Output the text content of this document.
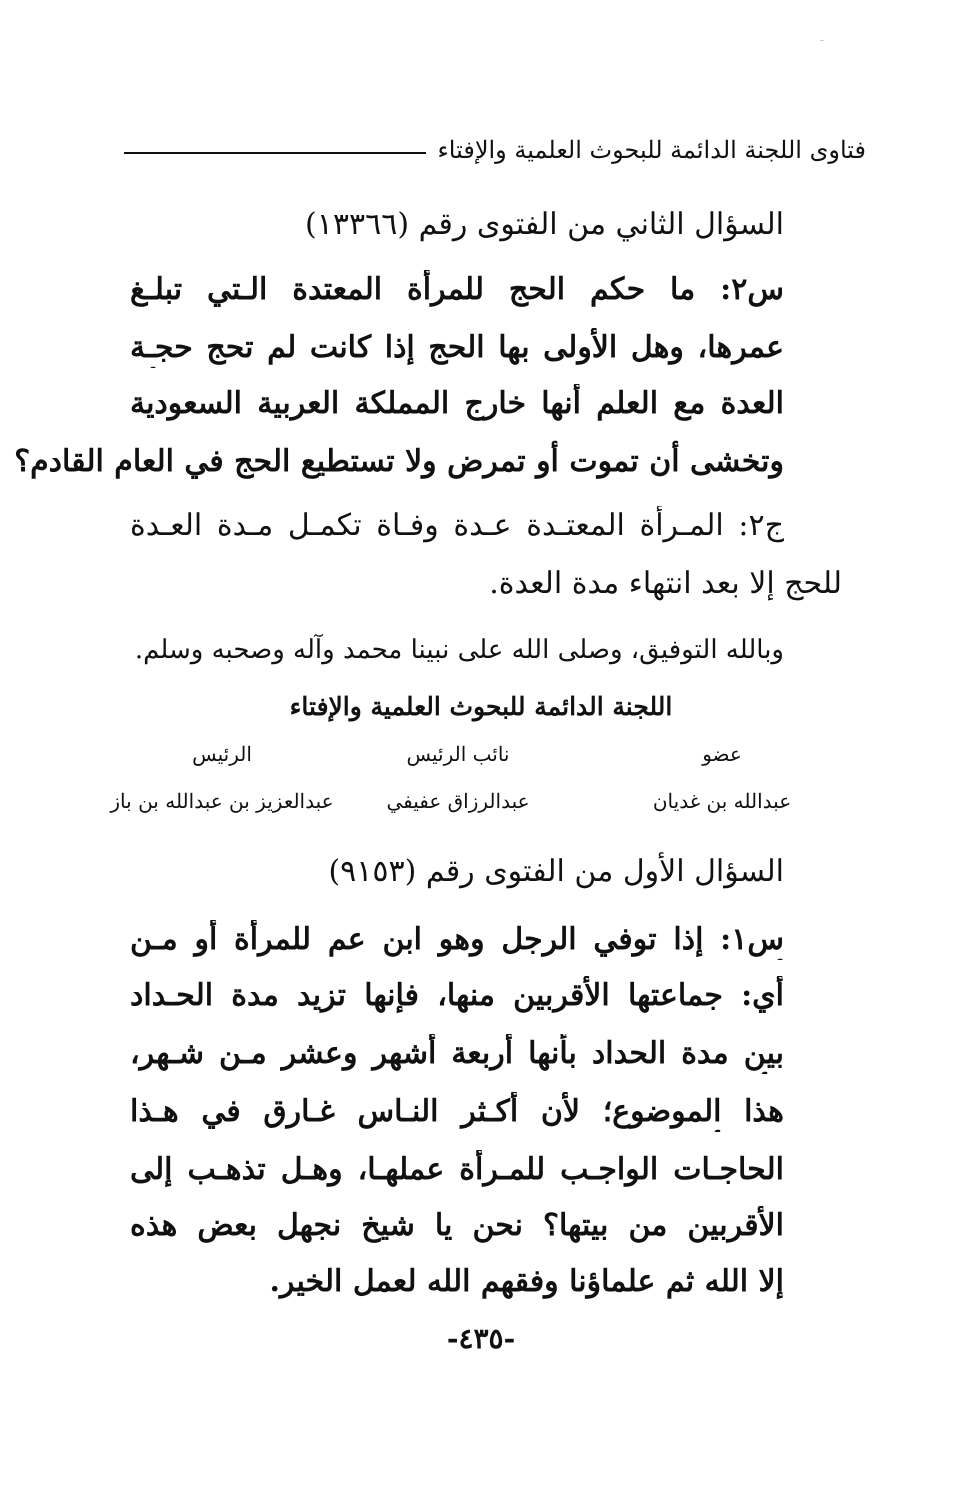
فتاوى اللجنة الدائمة للبحوث العلمية والإفتاء
السؤال الثاني من الفتوى رقم (١٣٣٦٦)
س٢: ما حكم الحج للمرأة المعتدة الـتي تبلـغ
عمرها، وهل الأولى بها الحج إذا كانت لم تحج حجـة
العدة مع العلم أنها خارج المملكة العربية السعودية
وتخشى أن تموت أو تمرض ولا تستطيع الحج في العام القادم؟
ج٢: المـرأة المعتـدة عـدة وفـاة تكمـل مـدة العـدة
للحج إلا بعد انتهاء مدة العدة.
وبالله التوفيق، وصلى الله على نبينا محمد وآله وصحبه وسلم.
اللجنة الدائمة للبحوث العلمية والإفتاء
عضو
نائب الرئيس
الرئيس
عبدالله بن غديان
عبدالرزاق عفيفي
عبدالعزيز بن عبدالله بن باز
السؤال الأول من الفتوى رقم (٩١٥٣)
س١: إذا توفي الرجل وهو ابن عم للمرأة أو مـن
أي: جماعتها الأقربين منها، فإنها تزيد مدة الحـداد
بين مدة الحداد بأنها أربعة أشهر وعشر مـن شـهر،
هذا الموضوع؛ لأن أكـثر النـاس غـارق في هـذا
الحاجـات الواجـب للمـرأة عملهـا، وهـل تذهـب إلى
الأقربين من بيتها؟ نحن يا شيخ نجهل بعض هذه
إلا الله ثم علماؤنا وفقهم الله لعمل الخير.
-٤٣٥-
